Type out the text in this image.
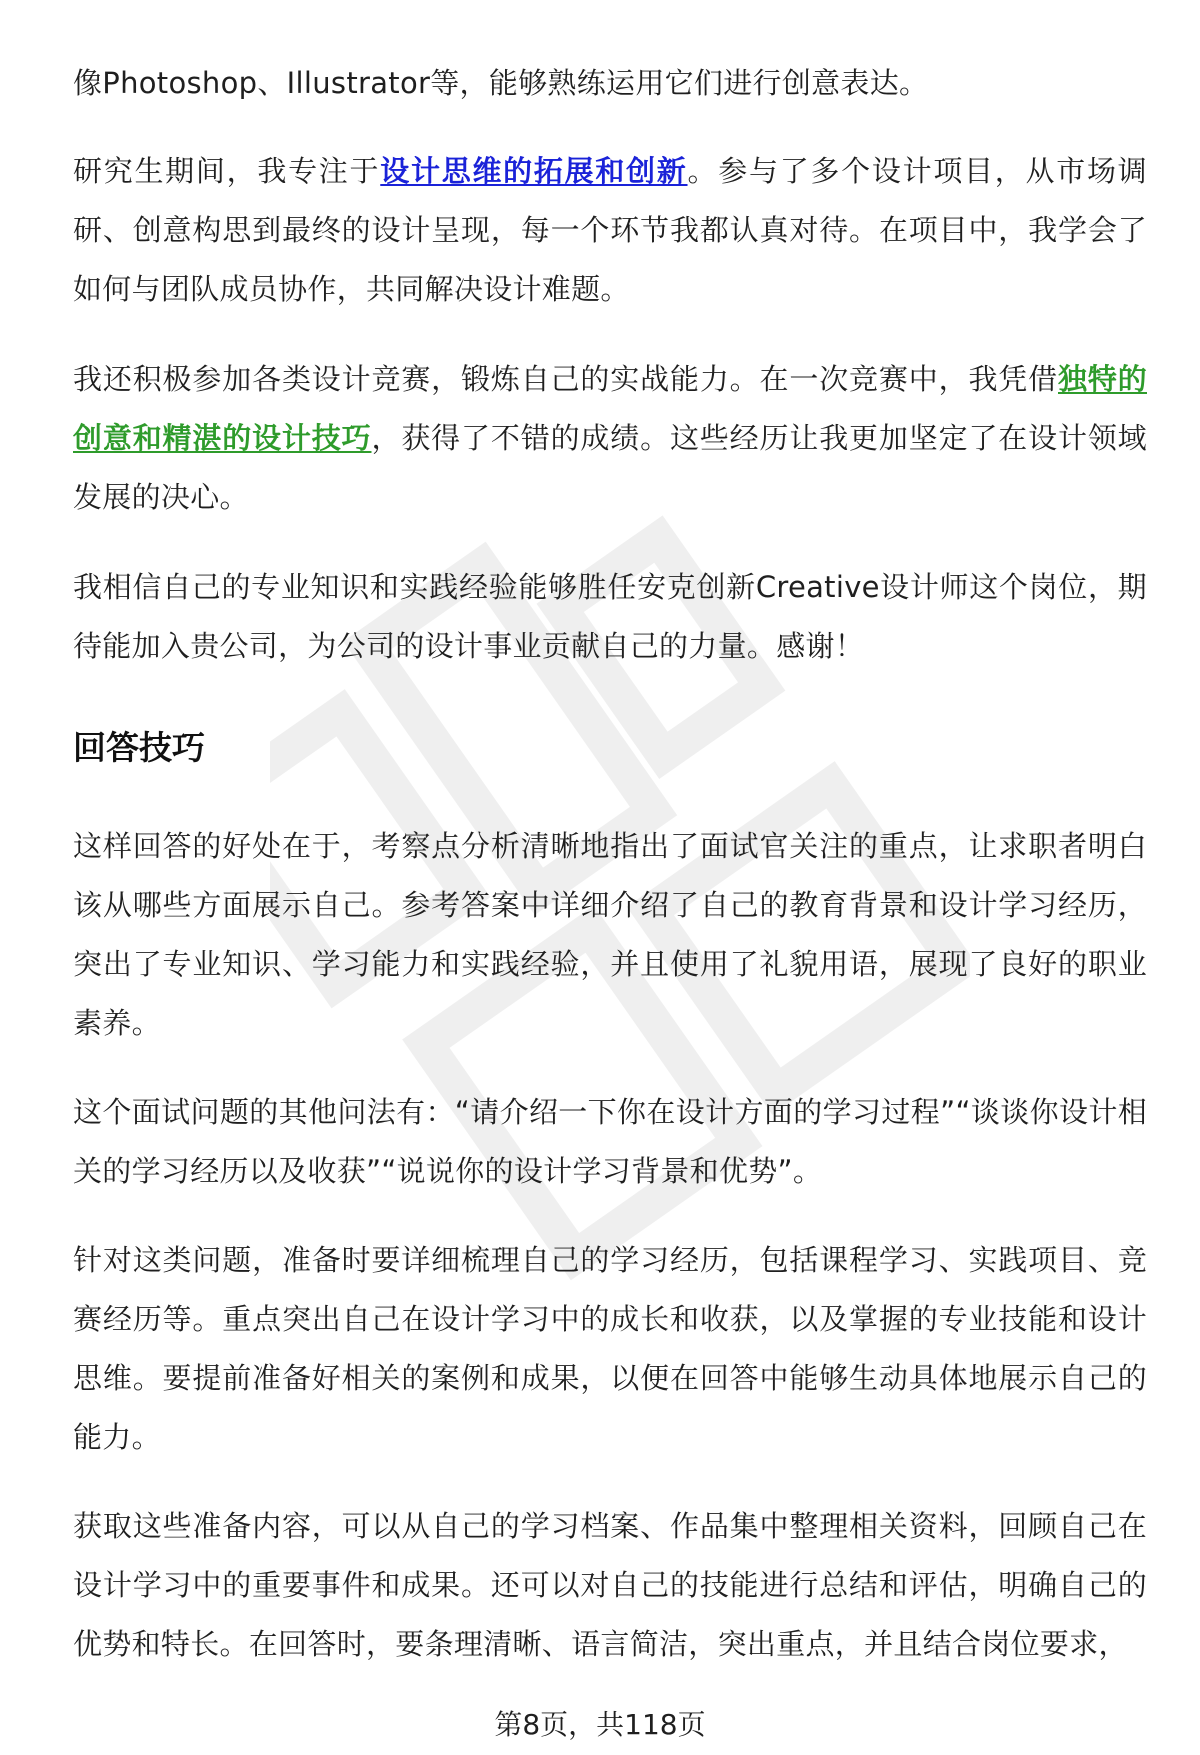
像Photoshop、Illustrator等，能够熟练运用它们进行创意表达。

研究生期间，我专注于设计思维的拓展和创新。参与了多个设计项目，从市场调研、创意构思到最终的设计呈现，每一个环节我都认真对待。在项目中，我学会了如何与团队成员协作，共同解决设计难题。

我还积极参加各类设计竞赛，锻炼自己的实战能力。在一次竞赛中，我凭借独特的创意和精湛的设计技巧，获得了不错的成绩。这些经历让我更加坚定了在设计领域发展的决心。

我相信自己的专业知识和实践经验能够胜任安克创新Creative设计师这个岗位，期待能加入贵公司，为公司的设计事业贡献自己的力量。感谢！

回答技巧

这样回答的好处在于，考察点分析清晰地指出了面试官关注的重点，让求职者明白该从哪些方面展示自己。参考答案中详细介绍了自己的教育背景和设计学习经历，突出了专业知识、学习能力和实践经验，并且使用了礼貌用语，展现了良好的职业素养。

这个面试问题的其他问法有：“请介绍一下你在设计方面的学习过程”“谈谈你设计相关的学习经历以及收获”“说说你的设计学习背景和优势”。

针对这类问题，准备时要详细梳理自己的学习经历，包括课程学习、实践项目、竞赛经历等。重点突出自己在设计学习中的成长和收获，以及掌握的专业技能和设计思维。要提前准备好相关的案例和成果，以便在回答中能够生动具体地展示自己的能力。

获取这些准备内容，可以从自己的学习档案、作品集中整理相关资料，回顾自己在设计学习中的重要事件和成果。还可以对自己的技能进行总结和评估，明确自己的优势和特长。在回答时，要条理清晰、语言简洁，突出重点，并且结合岗位要求，

第8页，共118页
